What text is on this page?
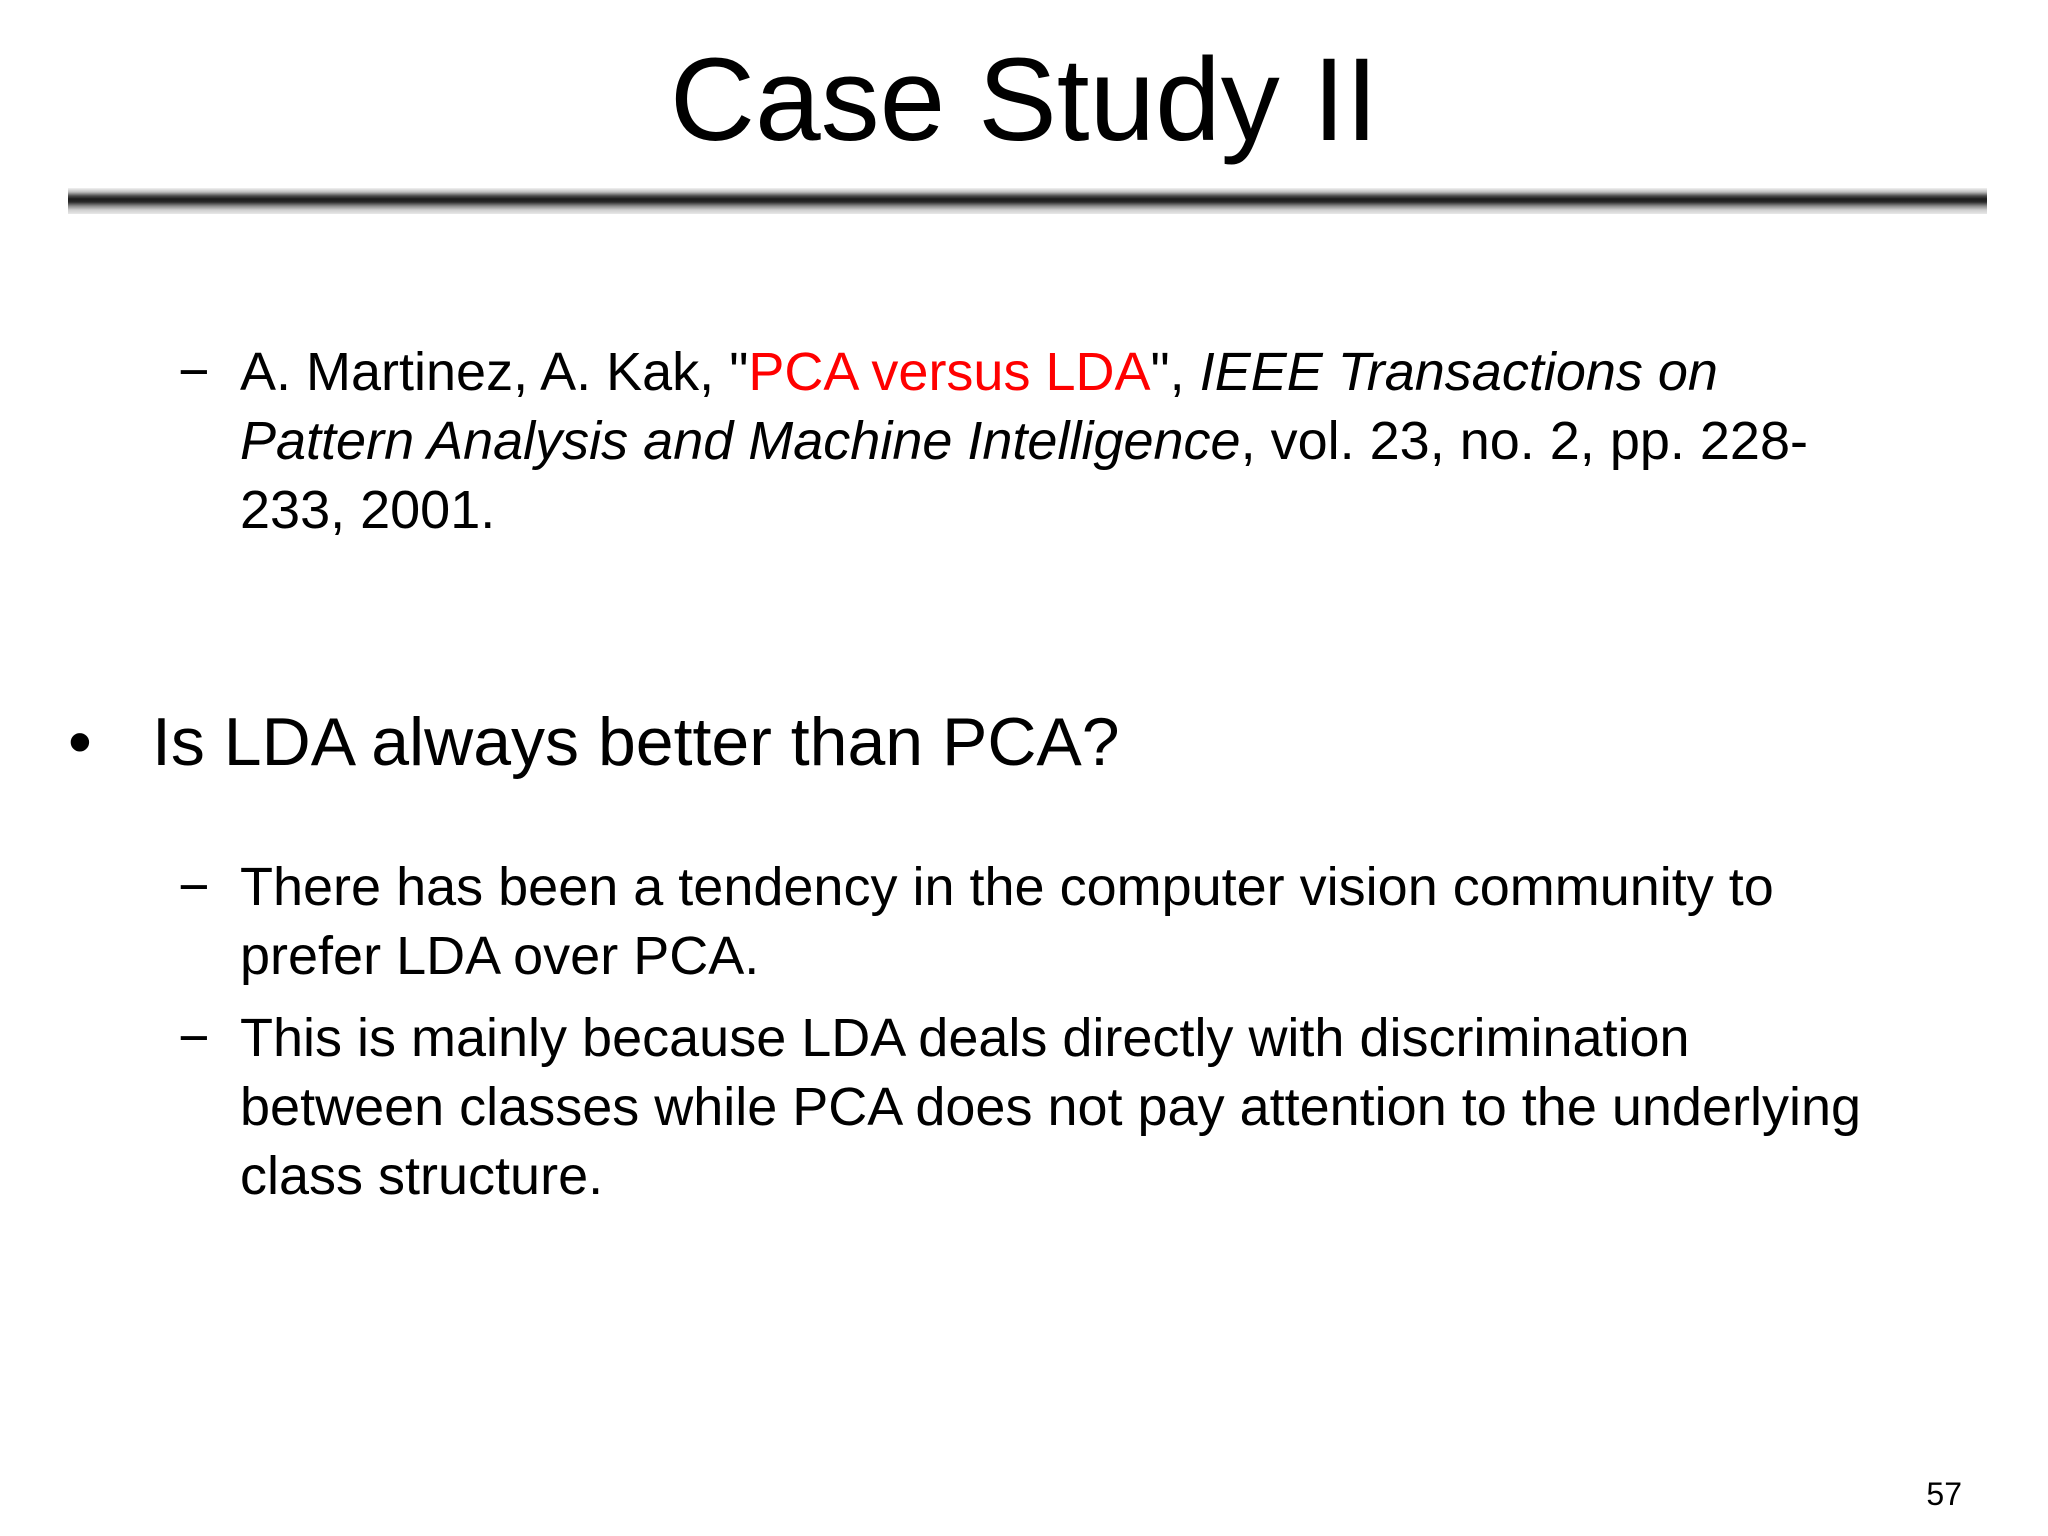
Case Study II
− A. Martinez, A. Kak, "PCA versus LDA", IEEE Transactions on
Pattern Analysis and Machine Intelligence, vol. 23, no. 2, pp. 228-
233, 2001.
• Is LDA always better than PCA?
− There has been a tendency in the computer vision community to
prefer LDA over PCA.
− This is mainly because LDA deals directly with discrimination
between classes while PCA does not pay attention to the underlying
class structure.
57
